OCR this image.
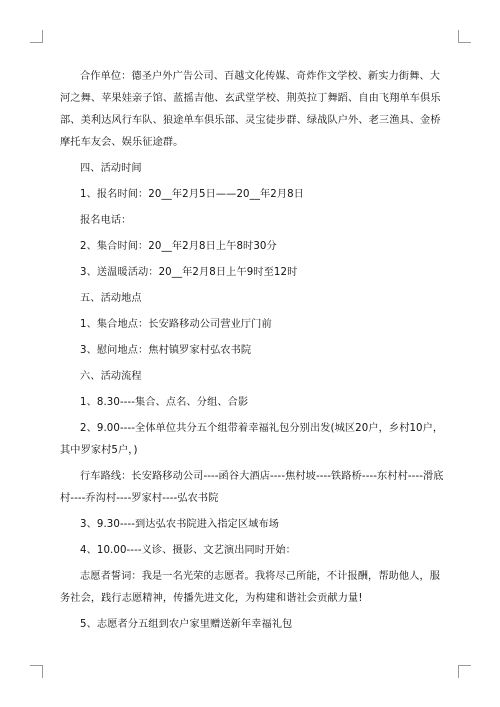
合作单位：德圣户外广告公司、百越文化传媒、奇炸作文学校、新实力街舞、大河之舞、苹果娃亲子馆、蓝摇吉他、玄武堂学校、荆英拉丁舞蹈、自由飞翔单车俱乐部、美利达风行车队、狼途单车俱乐部、灵宝徒步群、绿战队户外、老三渔具、金桥摩托车友会、娱乐征途群。

四、活动时间

1、报名时间：20__年2月5日——20__年2月8日

报名电话：

2、集合时间：20__年2月8日上午8时30分

3、送温暖活动：20__年2月8日上午9时至12时

五、活动地点

1、集合地点：长安路移动公司营业厅门前

3、慰问地点：焦村镇罗家村弘农书院

六、活动流程

1、8.30----集合、点名、分组、合影

2、9.00----全体单位共分五个组带着幸福礼包分别出发(城区20户，乡村10户，其中罗家村5户，)

行车路线：长安路移动公司----函谷大酒店----焦村坡----铁路桥----东村村----滑底村----乔沟村----罗家村----弘农书院

3、9.30----到达弘农书院进入指定区域布场

4、10.00----义诊、摄影、文艺演出同时开始：

志愿者誓词：我是一名光荣的志愿者。我将尽己所能，不计报酬，帮助他人，服务社会，践行志愿精神，传播先进文化，为构建和谐社会贡献力量!

5、志愿者分五组到农户家里赠送新年幸福礼包
